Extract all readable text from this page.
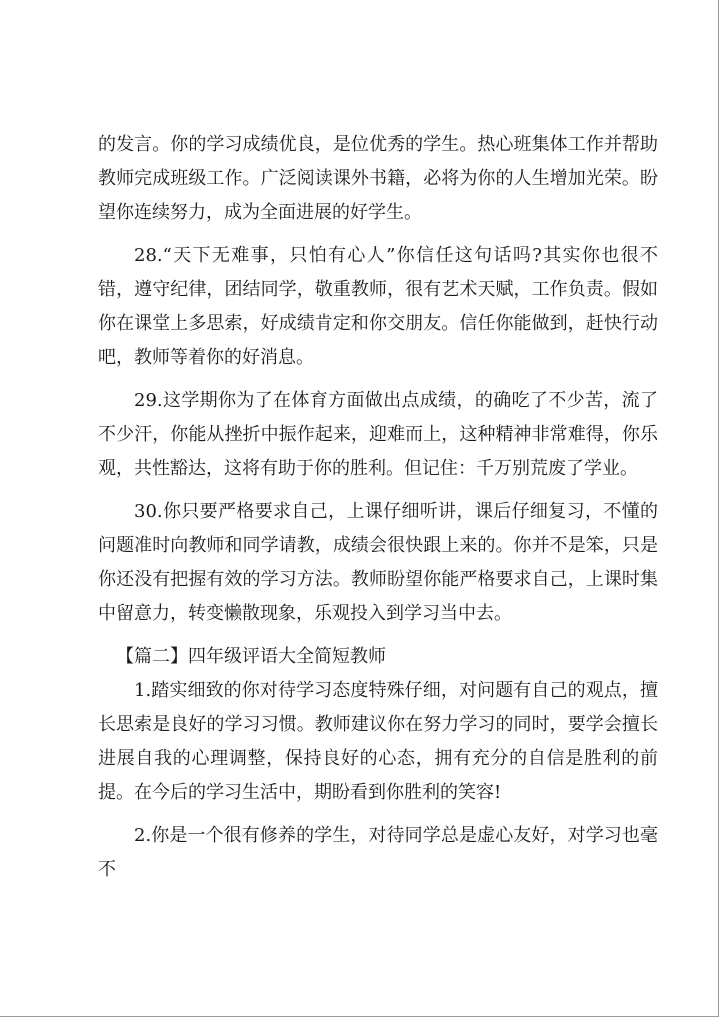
的发言。你的学习成绩优良，是位优秀的学生。热心班集体工作并帮助教师完成班级工作。广泛阅读课外书籍，必将为你的人生增加光荣。盼望你连续努力，成为全面进展的好学生。

28.“天下无难事，只怕有心人”你信任这句话吗?其实你也很不错，遵守纪律，团结同学，敬重教师，很有艺术天赋，工作负责。假如你在课堂上多思索，好成绩肯定和你交朋友。信任你能做到，赶快行动吧，教师等着你的好消息。

29.这学期你为了在体育方面做出点成绩，的确吃了不少苦，流了不少汗，你能从挫折中振作起来，迎难而上，这种精神非常难得，你乐观，共性豁达，这将有助于你的胜利。但记住：千万别荒废了学业。

30.你只要严格要求自己，上课仔细听讲，课后仔细复习，不懂的问题准时向教师和同学请教，成绩会很快跟上来的。你并不是笨，只是你还没有把握有效的学习方法。教师盼望你能严格要求自己，上课时集中留意力，转变懒散现象，乐观投入到学习当中去。

【篇二】四年级评语大全简短教师

1.踏实细致的你对待学习态度特殊仔细，对问题有自己的观点，擅长思索是良好的学习习惯。教师建议你在努力学习的同时，要学会擅长进展自我的心理调整，保持良好的心态，拥有充分的自信是胜利的前提。在今后的学习生活中，期盼看到你胜利的笑容!

2.你是一个很有修养的学生，对待同学总是虚心友好，对学习也毫不
